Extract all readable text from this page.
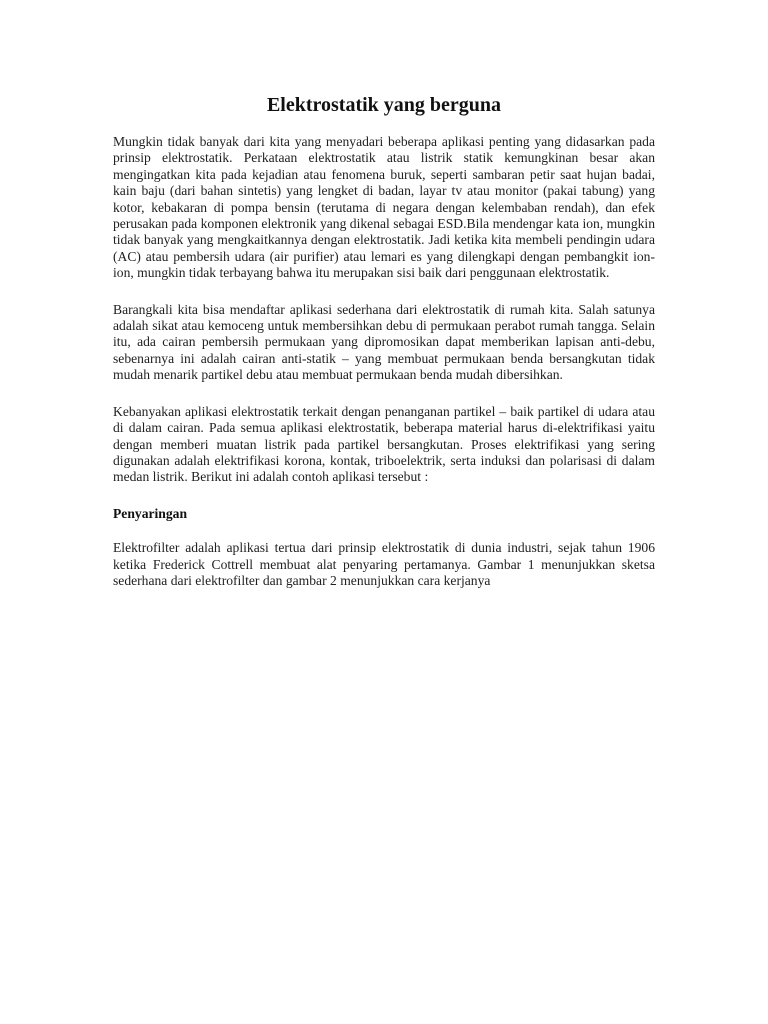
Elektrostatik yang berguna

Mungkin tidak banyak dari kita yang menyadari beberapa aplikasi penting yang didasarkan pada prinsip elektrostatik. Perkataan elektrostatik atau listrik statik kemungkinan besar akan mengingatkan kita pada kejadian atau fenomena buruk, seperti sambaran petir saat hujan badai, kain baju (dari bahan sintetis) yang lengket di badan, layar tv atau monitor (pakai tabung) yang kotor, kebakaran di pompa bensin (terutama di negara dengan kelembaban rendah), dan efek perusakan pada komponen elektronik yang dikenal sebagai ESD.Bila mendengar kata ion, mungkin tidak banyak yang mengkaitkannya dengan elektrostatik. Jadi ketika kita membeli pendingin udara (AC) atau pembersih udara (air purifier) atau lemari es yang dilengkapi dengan pembangkit ion-ion, mungkin tidak terbayang bahwa itu merupakan sisi baik dari penggunaan elektrostatik.

Barangkali kita bisa mendaftar aplikasi sederhana dari elektrostatik di rumah kita. Salah satunya adalah sikat atau kemoceng untuk membersihkan debu di permukaan perabot rumah tangga. Selain itu, ada cairan pembersih permukaan yang dipromosikan dapat memberikan lapisan anti-debu, sebenarnya ini adalah cairan anti-statik – yang membuat permukaan benda bersangkutan tidak mudah menarik partikel debu atau membuat permukaan benda mudah dibersihkan.

Kebanyakan aplikasi elektrostatik terkait dengan penanganan partikel – baik partikel di udara atau di dalam cairan. Pada semua aplikasi elektrostatik, beberapa material harus di-elektrifikasi yaitu dengan memberi muatan listrik pada partikel bersangkutan. Proses elektrifikasi yang sering digunakan adalah elektrifikasi korona, kontak, triboelektrik, serta induksi dan polarisasi di dalam medan listrik. Berikut ini adalah contoh aplikasi tersebut :

Penyaringan

Elektrofilter adalah aplikasi tertua dari prinsip elektrostatik di dunia industri, sejak tahun 1906 ketika Frederick Cottrell membuat alat penyaring pertamanya. Gambar 1 menunjukkan sketsa sederhana dari elektrofilter dan gambar 2 menunjukkan cara kerjanya
